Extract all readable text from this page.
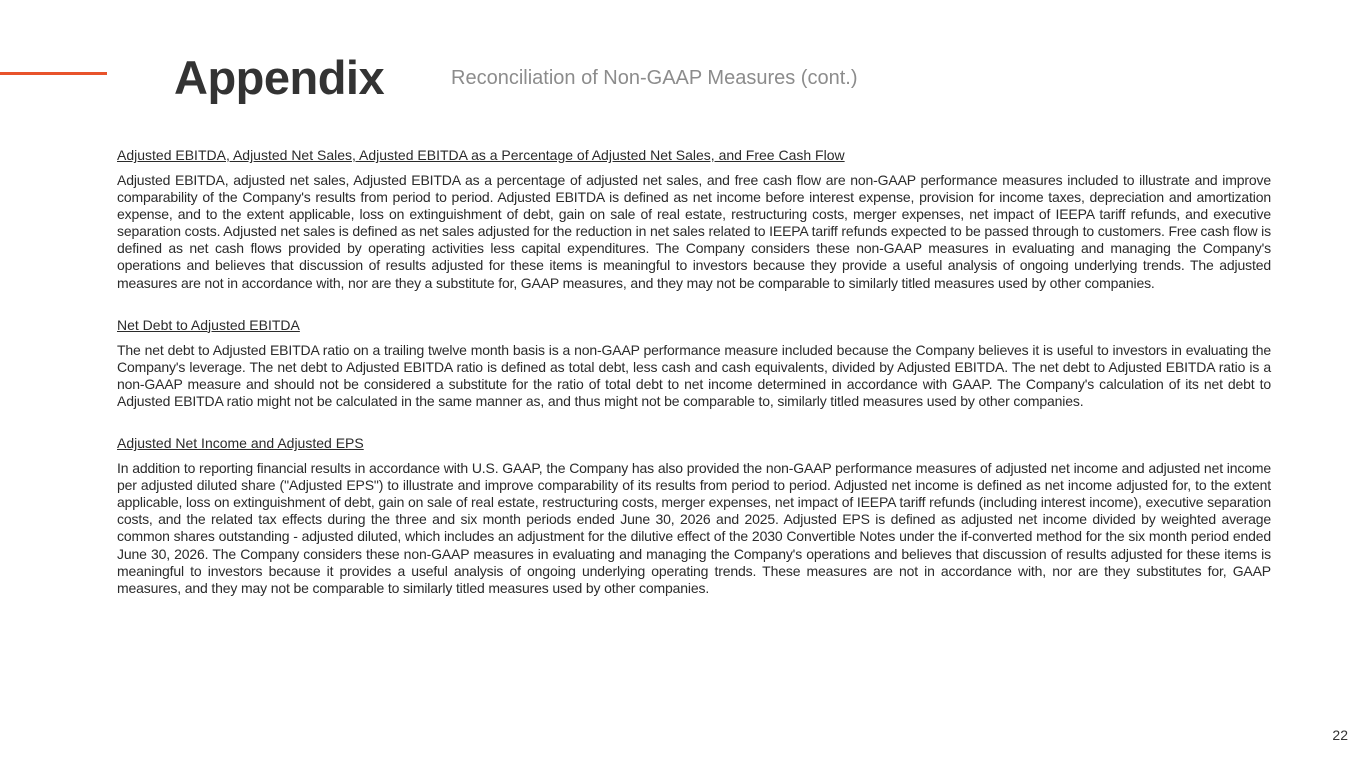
Appendix	Reconciliation of Non-GAAP Measures (cont.)
Adjusted EBITDA, Adjusted Net Sales, Adjusted EBITDA as a Percentage of Adjusted Net Sales, and Free Cash Flow

Adjusted EBITDA, adjusted net sales, Adjusted EBITDA as a percentage of adjusted net sales, and free cash flow are non-GAAP performance measures included to illustrate and improve comparability of the Company's results from period to period. Adjusted EBITDA is defined as net income before interest expense, provision for income taxes, depreciation and amortization expense, and to the extent applicable, loss on extinguishment of debt, gain on sale of real estate, restructuring costs, merger expenses, net impact of IEEPA tariff refunds, and executive separation costs. Adjusted net sales is defined as net sales adjusted for the reduction in net sales related to IEEPA tariff refunds expected to be passed through to customers. Free cash flow is defined as net cash flows provided by operating activities less capital expenditures. The Company considers these non-GAAP measures in evaluating and managing the Company's operations and believes that discussion of results adjusted for these items is meaningful to investors because they provide a useful analysis of ongoing underlying trends. The adjusted measures are not in accordance with, nor are they a substitute for, GAAP measures, and they may not be comparable to similarly titled measures used by other companies.

Net Debt to Adjusted EBITDA

The net debt to Adjusted EBITDA ratio on a trailing twelve month basis is a non-GAAP performance measure included because the Company believes it is useful to investors in evaluating the Company's leverage. The net debt to Adjusted EBITDA ratio is defined as total debt, less cash and cash equivalents, divided by Adjusted EBITDA. The net debt to Adjusted EBITDA ratio is a non-GAAP measure and should not be considered a substitute for the ratio of total debt to net income determined in accordance with GAAP. The Company's calculation of its net debt to Adjusted EBITDA ratio might not be calculated in the same manner as, and thus might not be comparable to, similarly titled measures used by other companies.

Adjusted Net Income and Adjusted EPS

In addition to reporting financial results in accordance with U.S. GAAP, the Company has also provided the non-GAAP performance measures of adjusted net income and adjusted net income per adjusted diluted share ("Adjusted EPS") to illustrate and improve comparability of its results from period to period. Adjusted net income is defined as net income adjusted for, to the extent applicable, loss on extinguishment of debt, gain on sale of real estate, restructuring costs, merger expenses, net impact of IEEPA tariff refunds (including interest income), executive separation costs, and the related tax effects during the three and six month periods ended June 30, 2026 and 2025. Adjusted EPS is defined as adjusted net income divided by weighted average common shares outstanding - adjusted diluted, which includes an adjustment for the dilutive effect of the 2030 Convertible Notes under the if-converted method for the six month period ended June 30, 2026. The Company considers these non-GAAP measures in evaluating and managing the Company's operations and believes that discussion of results adjusted for these items is meaningful to investors because it provides a useful analysis of ongoing underlying operating trends. These measures are not in accordance with, nor are they substitutes for, GAAP measures, and they may not be comparable to similarly titled measures used by other companies.

22
